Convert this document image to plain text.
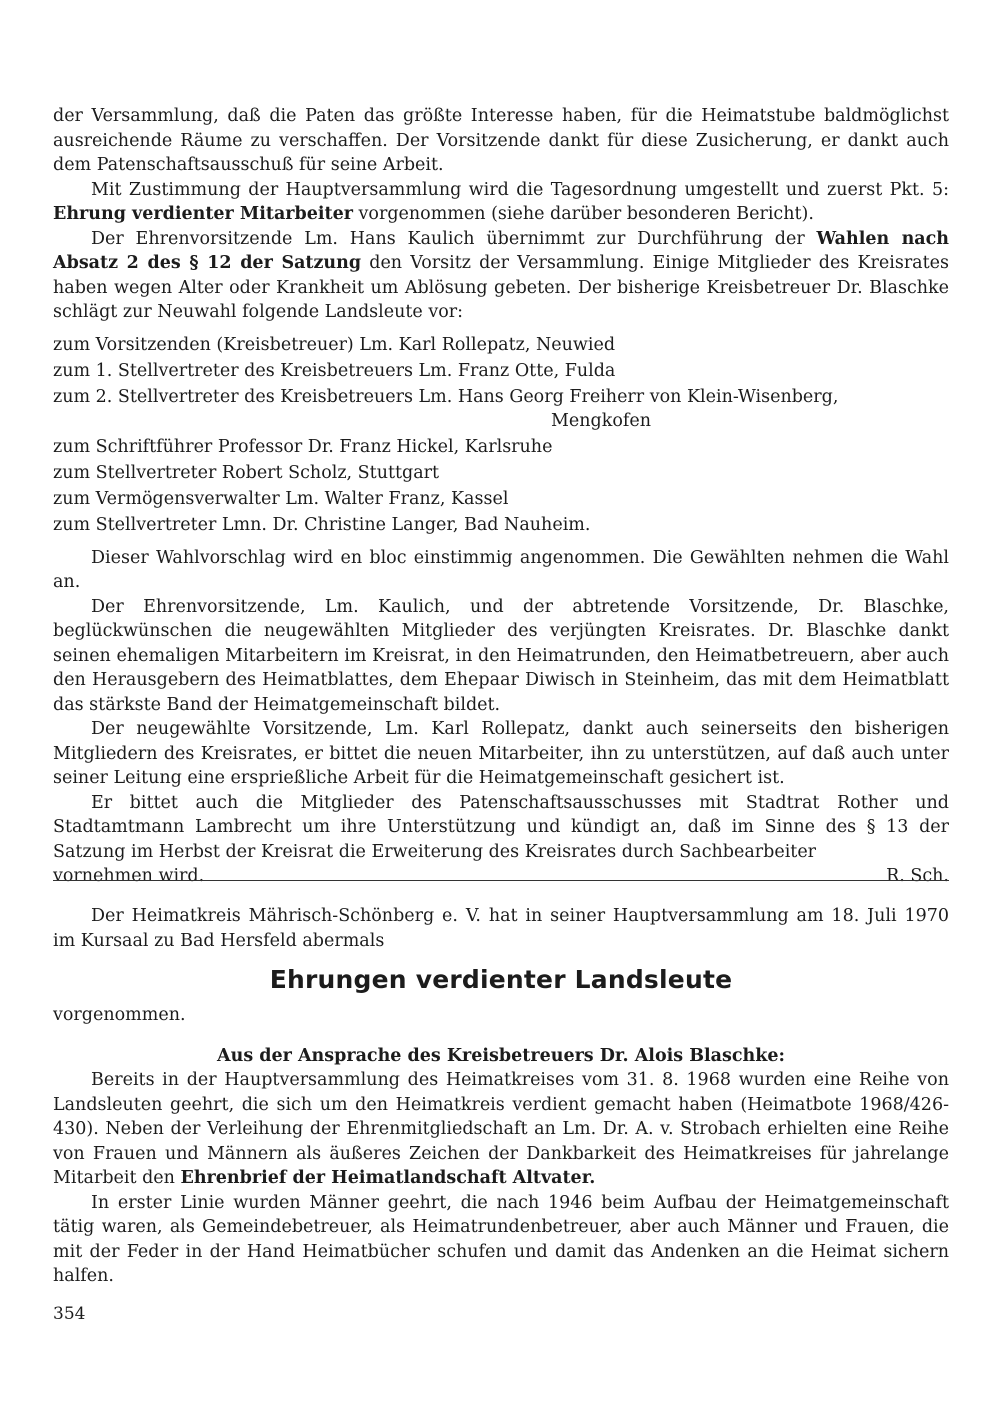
der Versammlung, daß die Paten das größte Interesse haben, für die Heimatstube baldmöglichst ausreichende Räume zu verschaffen. Der Vorsitzende dankt für diese Zusicherung, er dankt auch dem Patenschaftsausschuß für seine Arbeit.

Mit Zustimmung der Hauptversammlung wird die Tagesordnung umgestellt und zuerst Pkt. 5: Ehrung verdienter Mitarbeiter vorgenommen (siehe darüber besonderen Bericht).

Der Ehrenvorsitzende Lm. Hans Kaulich übernimmt zur Durchführung der Wahlen nach Absatz 2 des § 12 der Satzung den Vorsitz der Versammlung. Einige Mitglieder des Kreisrates haben wegen Alter oder Krankheit um Ablösung gebeten. Der bisherige Kreisbetreuer Dr. Blaschke schlägt zur Neuwahl folgende Landsleute vor:

zum Vorsitzenden (Kreisbetreuer) Lm. Karl Rollepatz, Neuwied
zum 1. Stellvertreter des Kreisbetreuers Lm. Franz Otte, Fulda
zum 2. Stellvertreter des Kreisbetreuers Lm. Hans Georg Freiherr von Klein-Wisenberg,
Mengkofen
zum Schriftführer Professor Dr. Franz Hickel, Karlsruhe
zum Stellvertreter Robert Scholz, Stuttgart
zum Vermögensverwalter Lm. Walter Franz, Kassel
zum Stellvertreter Lmn. Dr. Christine Langer, Bad Nauheim.

Dieser Wahlvorschlag wird en bloc einstimmig angenommen. Die Gewählten nehmen die Wahl an.

Der Ehrenvorsitzende, Lm. Kaulich, und der abtretende Vorsitzende, Dr. Blaschke, beglückwünschen die neugewählten Mitglieder des verjüngten Kreisrates. Dr. Blaschke dankt seinen ehemaligen Mitarbeitern im Kreisrat, in den Heimatrunden, den Heimatbetreuern, aber auch den Herausgebern des Heimatblattes, dem Ehepaar Diwisch in Steinheim, das mit dem Heimatblatt das stärkste Band der Heimatgemeinschaft bildet.

Der neugewählte Vorsitzende, Lm. Karl Rollepatz, dankt auch seinerseits den bisherigen Mitgliedern des Kreisrates, er bittet die neuen Mitarbeiter, ihn zu unterstützen, auf daß auch unter seiner Leitung eine ersprießliche Arbeit für die Heimatgemeinschaft gesichert ist.

Er bittet auch die Mitglieder des Patenschaftsausschusses mit Stadtrat Rother und Stadtamtmann Lambrecht um ihre Unterstützung und kündigt an, daß im Sinne des § 13 der Satzung im Herbst der Kreisrat die Erweiterung des Kreisrates durch Sachbearbeiter

vornehmen wird.	R. Sch.

Der Heimatkreis Mährisch-Schönberg e. V. hat in seiner Hauptversammlung am 18. Juli 1970 im Kursaal zu Bad Hersfeld abermals

Ehrungen verdienter Landsleute

vorgenommen.

Aus der Ansprache des Kreisbetreuers Dr. Alois Blaschke:

Bereits in der Hauptversammlung des Heimatkreises vom 31. 8. 1968 wurden eine Reihe von Landsleuten geehrt, die sich um den Heimatkreis verdient gemacht haben (Heimatbote 1968/426-430). Neben der Verleihung der Ehrenmitgliedschaft an Lm. Dr. A. v. Strobach erhielten eine Reihe von Frauen und Männern als äußeres Zeichen der Dankbarkeit des Heimatkreises für jahrelange Mitarbeit den Ehrenbrief der Heimatlandschaft Altvater.

In erster Linie wurden Männer geehrt, die nach 1946 beim Aufbau der Heimatgemeinschaft tätig waren, als Gemeindebetreuer, als Heimatrundenbetreuer, aber auch Männer und Frauen, die mit der Feder in der Hand Heimatbücher schufen und damit das Andenken an die Heimat sichern halfen.

354
